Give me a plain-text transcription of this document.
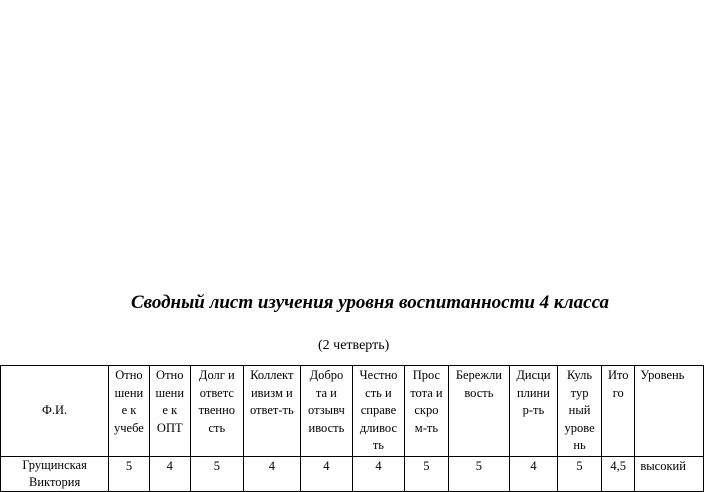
Сводный лист изучения уровня воспитанности 4 класса
(2 четверть)
Ф.И.	Отно шени е к учебе	Отно шени е к ОПТ	Долг и ответс твенно сть	Коллект ивизм и ответ-ть	Добро та и отзывч ивость	Честно сть и справе дливос ть	Прос тота и скро м-ть	Бережли вость	Дисци плини р-ть	Куль тур ный урове нь	Ито го	Уровень
Грущинская Виктория	5	4	5	4	4	4	5	5	4	5	4,5	высокий
